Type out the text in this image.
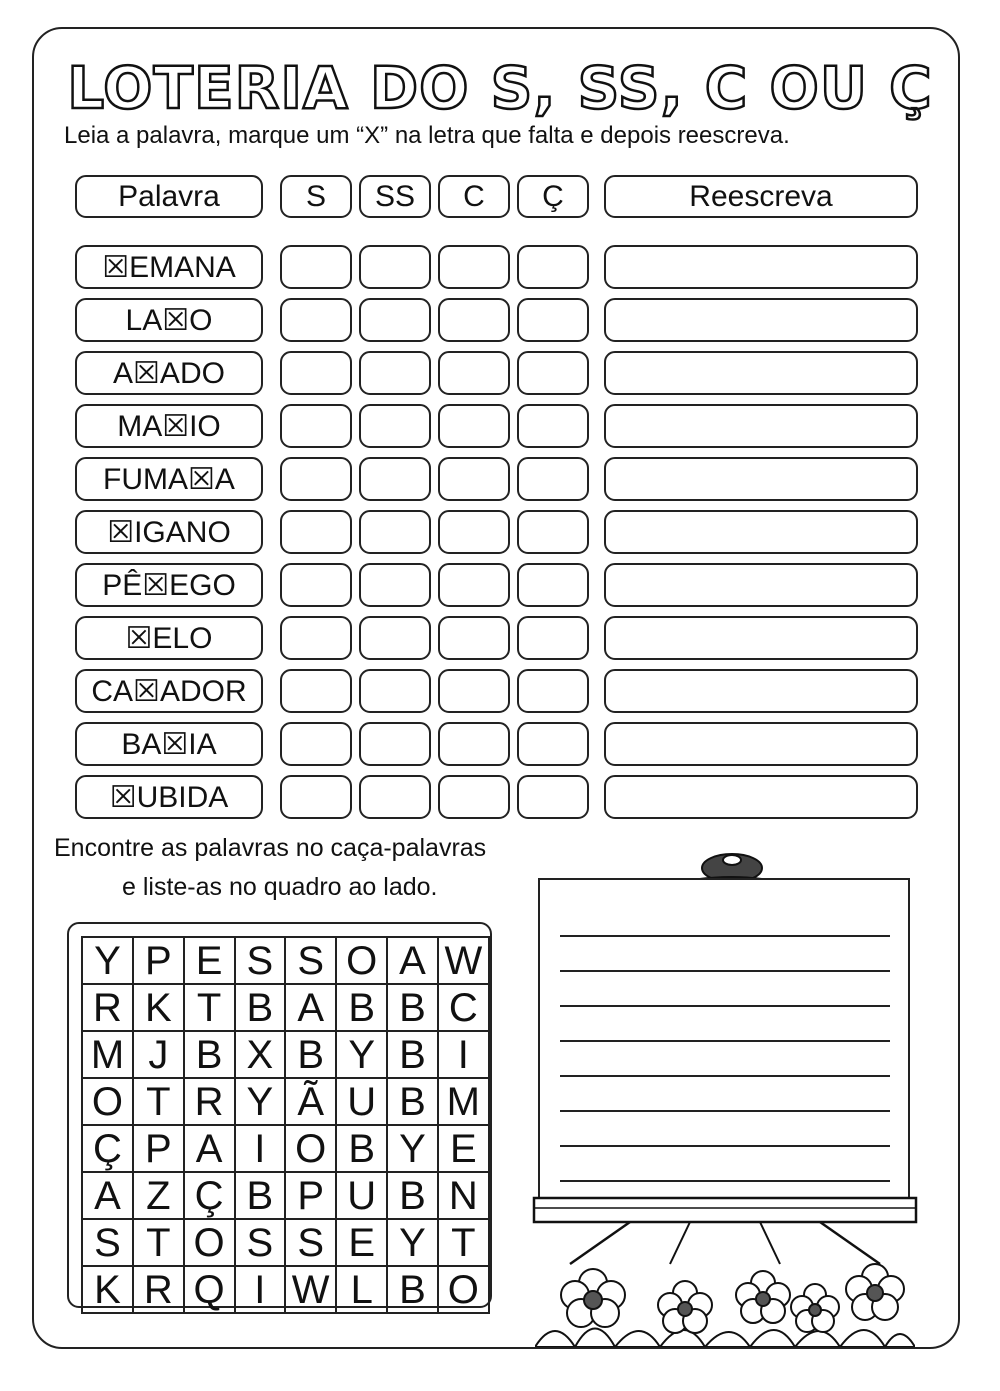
LOTERIA DO S, SS, C OU Ç
Leia a palavra, marque um “X” na letra que falta e depois reescreva.
Palavra	S	SS	C	Ç	Reescreva
☒EMANA
LA☒O
A☒ADO
MA☒IO
FUMA☒A
☒IGANO
PÊ☒EGO
☒ELO
CA☒ADOR
BA☒IA
☒UBIDA
Encontre as palavras no caça-palavras
e liste-as no quadro ao lado.
Y	P	E	S	S	O	A	W
R	K	T	B	A	B	B	C
M	J	B	X	B	Y	B	I
O	T	R	Y	Ã	U	B	M
Ç	P	A	I	O	B	Y	E
A	Z	Ç	B	P	U	B	N
S	T	O	S	S	E	Y	T
K	R	Q	I	W	L	B	O
